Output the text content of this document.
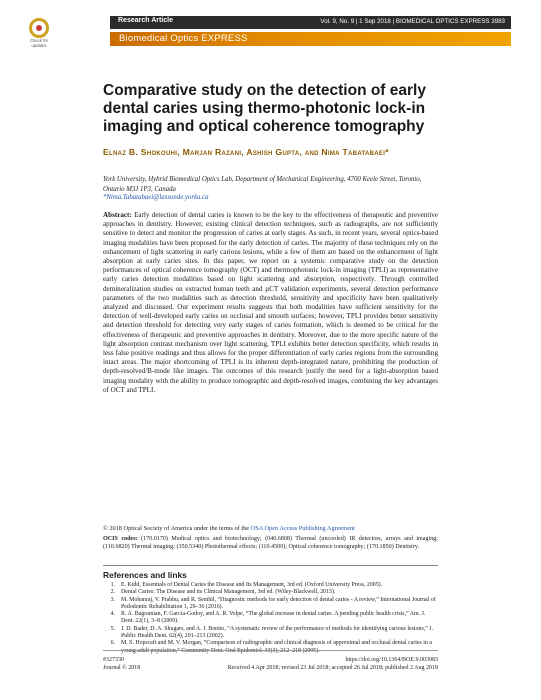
Research Article	Vol. 9, No. 9 | 1 Sep 2018 | BIOMEDICAL OPTICS EXPRESS 3983
Biomedical Optics EXPRESS
Check for updates
Comparative study on the detection of early dental caries using thermo-photonic lock-in imaging and optical coherence tomography
Elnaz B. Shokouhi, Marjan Razani, Ashish Gupta, and Nima Tabatabaei*
York University, Hybrid Biomedical Optics Lab, Department of Mechanical Engineering, 4700 Keele Street, Toronto, Ontario M3J 1P3, Canada
*Nima.Tabatabaei@lassonde.yorku.ca
Abstract: Early detection of dental caries is known to be the key to the effectiveness of therapeutic and preventive approaches in dentistry. However, existing clinical detection techniques, such as radiographs, are not sufficiently sensitive to detect and monitor the progression of caries at early stages. As such, in recent years, several optics-based imaging modalities have been proposed for the early detection of caries. The majority of these techniques rely on the enhancement of light scattering in early carious lesions, while a few of them are based on the enhancement of light absorption at early caries sites. In this paper, we report on a systemic comparative study on the detection performances of optical coherence tomography (OCT) and thermophotonic lock-in imaging (TPLI) as representative early caries detection modalities based on light scattering and absorption, respectively. Through controlled demineralization studies on extracted human teeth and µCT validation experiments, several detection performance parameters of the two modalities such as detection threshold, sensitivity and specificity have been qualitatively analyzed and discussed. Our experiment results suggests that both modalities have sufficient sensitivity for the detection of well-developed early caries on occlusal and smooth surfaces; however, TPLI provides better sensitivity and detection threshold for detecting very early stages of caries formation, which is deemed to be critical for the effectiveness of therapeutic and preventive approaches in dentistry. Moreover, due to the more specific nature of the light absorption contrast mechanism over light scattering, TPLI exhibits better detection specificity, which results in less false positive readings and thus allows for the proper differentiation of early caries regions from the surrounding intact areas. The major shortcoming of TPLI is its inherent depth-integrated nature, prohibiting the production of depth-resolved/B-mode like images. The outcomes of this research justify the need for a light-absorption based imaging modality with the ability to produce tomographic and depth-resolved images, combining the key advantages of OCT and TPLI.
© 2018 Optical Society of America under the terms of the OSA Open Access Publishing Agreement
OCIS codes: (170.0170) Medical optics and biotechnology; (040.6808) Thermal (uncooled) IR detectors, arrays and imaging; (110.6820) Thermal imaging; (350.5340) Photothermal effects; (110.4500); Optical coherence tomography; (170.1850) Dentistry.
References and links
1.	E. Kidd, Essentials of Dental Caries the Disease and Its Management, 3rd ed. (Oxford University Press, 2005).
2.	Dental Caries: The Disease and its Clinical Management, 3rd ed. (Wiley-Blackwell, 2015).
3.	M. Mohanraj, V. Prabhu, and R. Senthil, “Diagnostic methods for early detection of dental caries - A review,” International Journal of Pedodontic Rehabilitation 1, 29–36 (2016).
4.	R. A. Bagramian, F. Garcia-Godoy, and A. R. Volpe, “The global increase in dental caries. A pending public health crisis,” Am. J. Dent. 22(1), 3–8 (2009).
5.	J. D. Bader, D. A. Shugars, and A. J. Bonito, “A systematic review of the performance of methods for identifying carious lesions,” J. Public Health Dent. 62(4), 201–213 (2002).
6.	M. S. Hopcraft and M. V. Morgan, “Comparison of radiographic and clinical diagnosis of approximal and occlusal dental caries in a young adult population,” Community Dent. Oral Epidemiol. 33(3), 212–218 (2005).
#327330
Journal © 2018
https://doi.org/10.1364/BOE.9.003983
Received 4 Apr 2018; revised 23 Jul 2018; accepted 26 Jul 2018; published 2 Aug 2018
